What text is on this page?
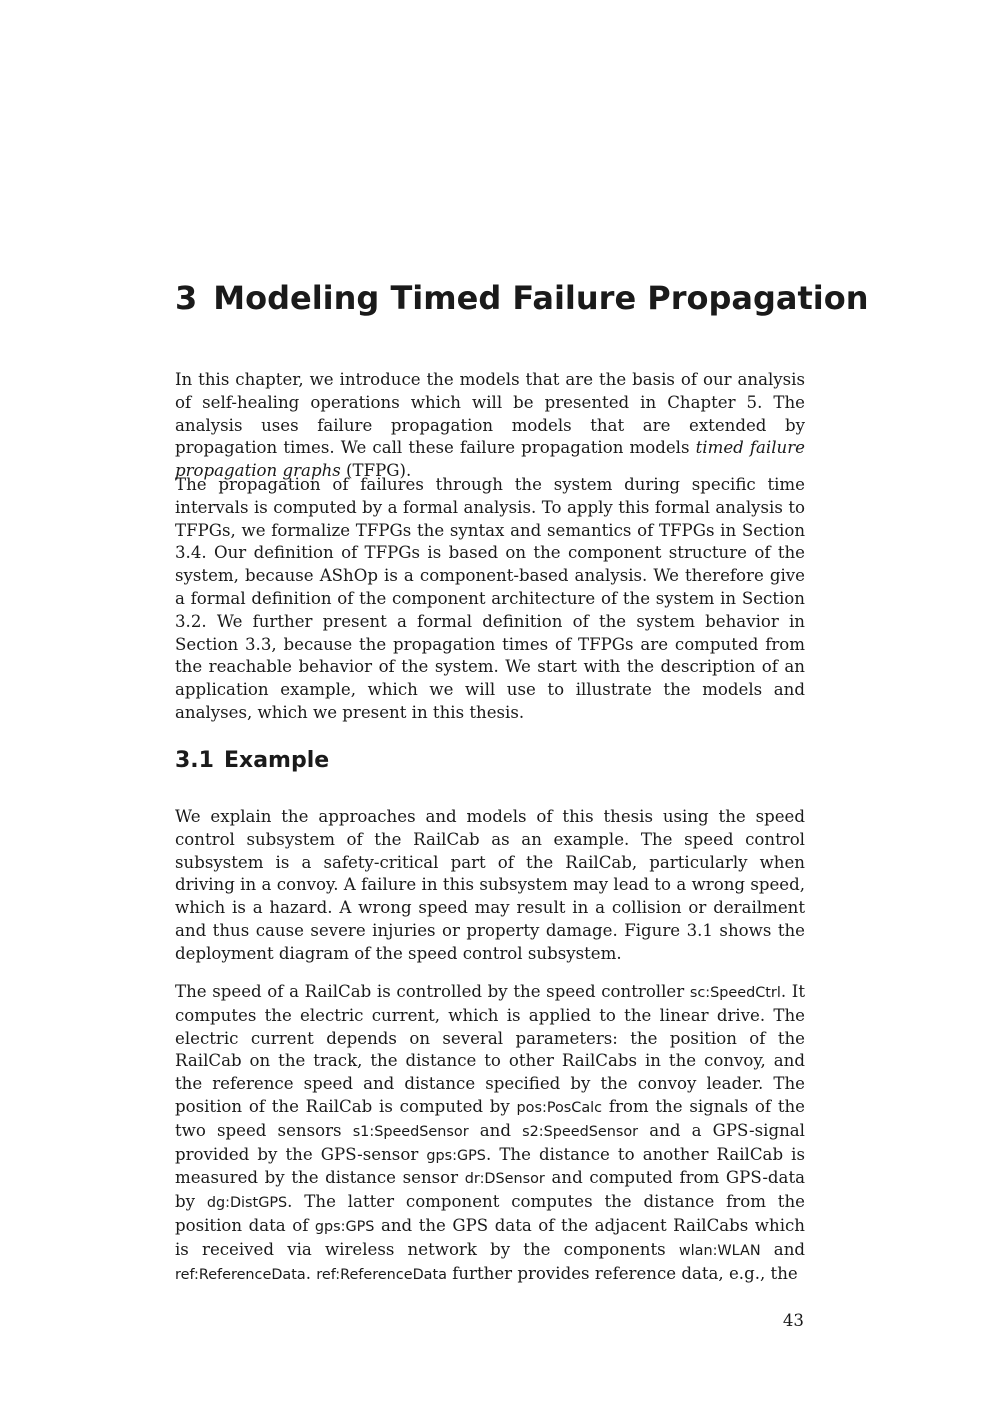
3 Modeling Timed Failure Propagation

In this chapter, we introduce the models that are the basis of our analysis of self-healing operations which will be presented in Chapter 5. The analysis uses failure propagation models that are extended by propagation times. We call these failure propagation models timed failure propagation graphs (TFPG).

The propagation of failures through the system during specific time intervals is computed by a formal analysis. To apply this formal analysis to TFPGs, we formalize TFPGs the syntax and semantics of TFPGs in Section 3.4. Our definition of TFPGs is based on the component structure of the system, because AShOp is a component-based analysis. We therefore give a formal definition of the component architecture of the system in Section 3.2. We further present a formal definition of the system behavior in Section 3.3, because the propagation times of TFPGs are computed from the reachable behavior of the system. We start with the description of an application example, which we will use to illustrate the models and analyses, which we present in this thesis.

3.1 Example

We explain the approaches and models of this thesis using the speed control subsystem of the RailCab as an example. The speed control subsystem is a safety-critical part of the RailCab, particularly when driving in a convoy. A failure in this subsystem may lead to a wrong speed, which is a hazard. A wrong speed may result in a collision or derailment and thus cause severe injuries or property damage. Figure 3.1 shows the deployment diagram of the speed control subsystem.

The speed of a RailCab is controlled by the speed controller sc:SpeedCtrl. It computes the electric current, which is applied to the linear drive. The electric current depends on several parameters: the position of the RailCab on the track, the distance to other RailCabs in the convoy, and the reference speed and distance specified by the convoy leader. The position of the RailCab is computed by pos:PosCalc from the signals of the two speed sensors s1:SpeedSensor and s2:SpeedSensor and a GPS-signal provided by the GPS-sensor gps:GPS. The distance to another RailCab is measured by the distance sensor dr:DSensor and computed from GPS-data by dg:DistGPS. The latter component computes the distance from the position data of gps:GPS and the GPS data of the adjacent RailCabs which is received via wireless network by the components wlan:WLAN and ref:ReferenceData. ref:ReferenceData further provides reference data, e.g., the

43
